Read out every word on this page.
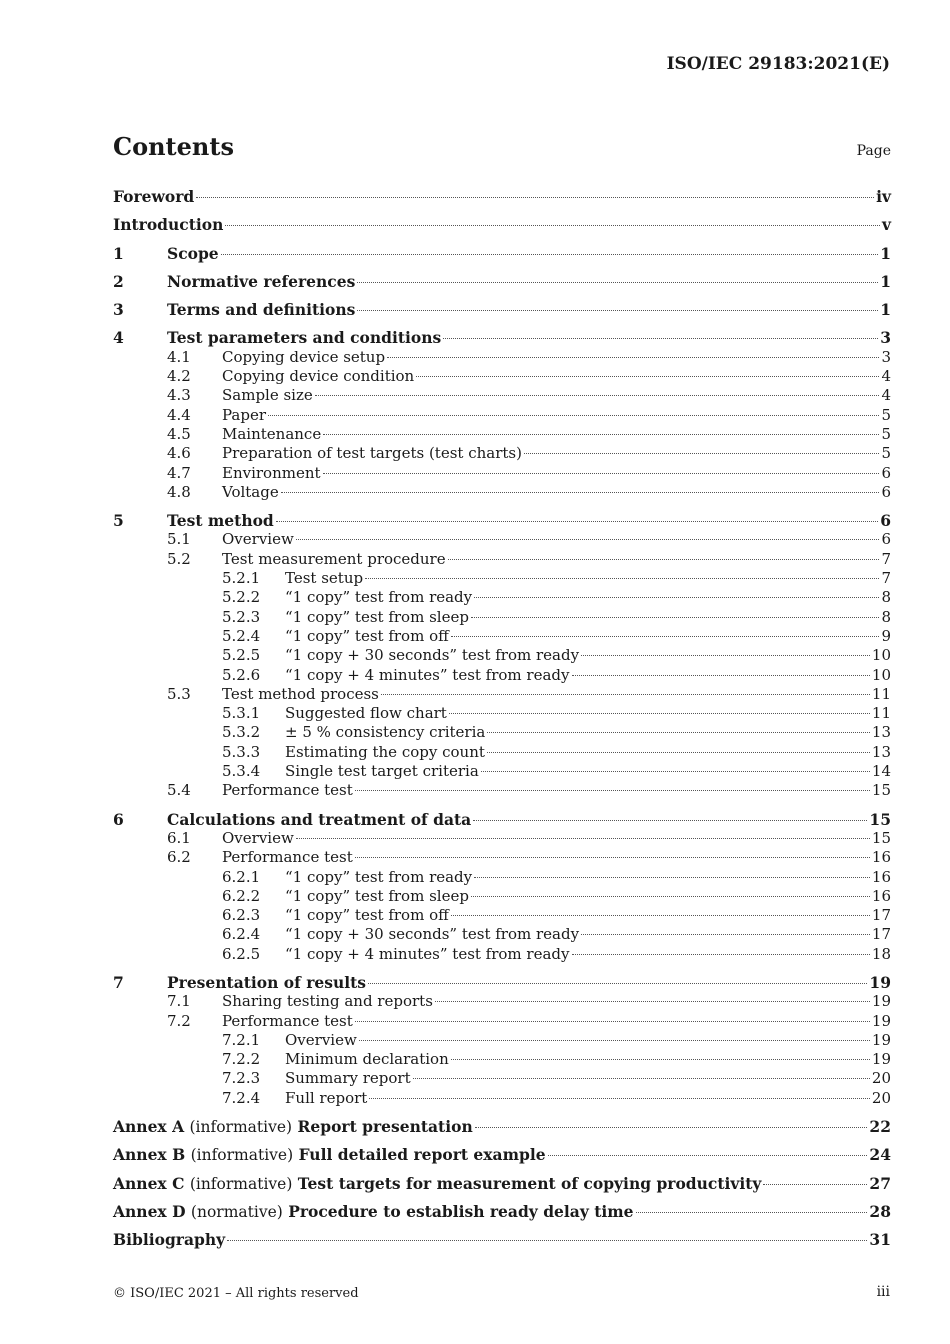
ISO/IEC 29183:2021(E)
Contents	Page
Foreword	iv
Introduction	v
1	Scope	1
2	Normative references	1
3	Terms and definitions	1
4	Test parameters and conditions	3
4.1	Copying device setup	3
4.2	Copying device condition	4
4.3	Sample size	4
4.4	Paper	5
4.5	Maintenance	5
4.6	Preparation of test targets (test charts)	5
4.7	Environment	6
4.8	Voltage	6
5	Test method	6
5.1	Overview	6
5.2	Test measurement procedure	7
5.2.1	Test setup	7
5.2.2	“1 copy” test from ready	8
5.2.3	“1 copy” test from sleep	8
5.2.4	“1 copy” test from off	9
5.2.5	“1 copy + 30 seconds” test from ready	10
5.2.6	“1 copy + 4 minutes” test from ready	10
5.3	Test method process	11
5.3.1	Suggested flow chart	11
5.3.2	± 5 % consistency criteria	13
5.3.3	Estimating the copy count	13
5.3.4	Single test target criteria	14
5.4	Performance test	15
6	Calculations and treatment of data	15
6.1	Overview	15
6.2	Performance test	16
6.2.1	“1 copy” test from ready	16
6.2.2	“1 copy” test from sleep	16
6.2.3	“1 copy” test from off	17
6.2.4	“1 copy + 30 seconds” test from ready	17
6.2.5	“1 copy + 4 minutes” test from ready	18
7	Presentation of results	19
7.1	Sharing testing and reports	19
7.2	Performance test	19
7.2.1	Overview	19
7.2.2	Minimum declaration	19
7.2.3	Summary report	20
7.2.4	Full report	20
Annex A (informative) Report presentation	22
Annex B (informative) Full detailed report example	24
Annex C (informative) Test targets for measurement of copying productivity	27
Annex D (normative) Procedure to establish ready delay time	28
Bibliography	31
© ISO/IEC 2021 – All rights reserved	iii
